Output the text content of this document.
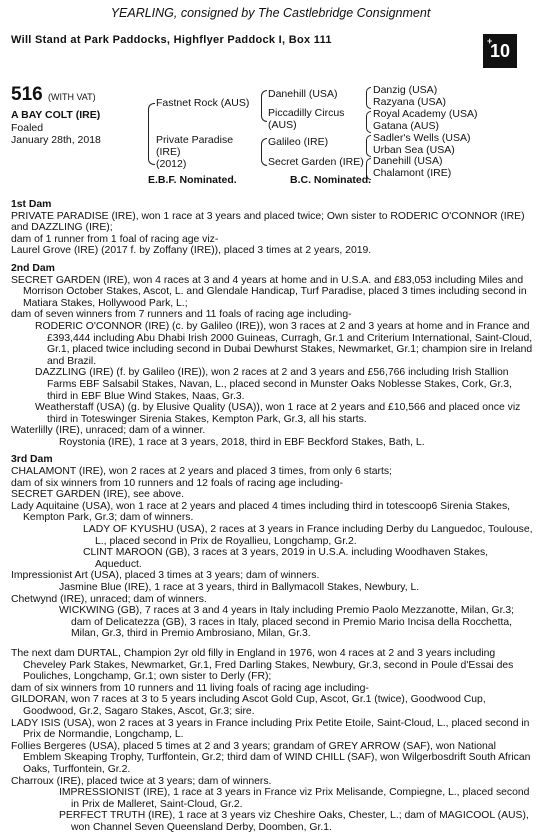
YEARLING, consigned by The Castlebridge Consignment
Will Stand at Park Paddocks, Highflyer Paddock I, Box 111	+
10
516 (WITH VAT)
A BAY COLT (IRE)
Foaled
January 28th, 2018
Fastnet Rock (AUS)
Private Paradise
(IRE)
(2012)
Danehill (USA)
Piccadilly Circus
(AUS)
Galileo (IRE)
Secret Garden (IRE)
Danzig (USA)
Razyana (USA)
Royal Academy (USA)
Gatana (AUS)
Sadler's Wells (USA)
Urban Sea (USA)
Danehill (USA)
Chalamont (IRE)
E.B.F. Nominated.	B.C. Nominated.

1st Dam

PRIVATE PARADISE (IRE), won 1 race at 3 years and placed twice; Own sister to RODERIC O'CONNOR (IRE) and DAZZLING (IRE);

dam of 1 runner from 1 foal of racing age viz-

Laurel Grove (IRE) (2017 f. by Zoffany (IRE)), placed 3 times at 2 years, 2019.

2nd Dam

SECRET GARDEN (IRE), won 4 races at 3 and 4 years at home and in U.S.A. and £83,053 including Miles and Morrison October Stakes, Ascot, L. and Glendale Handicap, Turf Paradise, placed 3 times including second in Matiara Stakes, Hollywood Park, L.;

dam of seven winners from 7 runners and 11 foals of racing age including-

RODERIC O'CONNOR (IRE) (c. by Galileo (IRE)), won 3 races at 2 and 3 years at home and in France and £393,444 including Abu Dhabi Irish 2000 Guineas, Curragh, Gr.1 and Criterium International, Saint-Cloud, Gr.1, placed twice including second in Dubai Dewhurst Stakes, Newmarket, Gr.1; champion sire in Ireland and Brazil.

DAZZLING (IRE) (f. by Galileo (IRE)), won 2 races at 2 and 3 years and £56,766 including Irish Stallion Farms EBF Salsabil Stakes, Navan, L., placed second in Munster Oaks Noblesse Stakes, Cork, Gr.3, third in EBF Blue Wind Stakes, Naas, Gr.3.

Weatherstaff (USA) (g. by Elusive Quality (USA)), won 1 race at 2 years and £10,566 and placed once viz third in Toteswinger Sirenia Stakes, Kempton Park, Gr.3, all his starts.

Waterlilly (IRE), unraced; dam of a winner.

Roystonia (IRE), 1 race at 3 years, 2018, third in EBF Beckford Stakes, Bath, L.

3rd Dam

CHALAMONT (IRE), won 2 races at 2 years and placed 3 times, from only 6 starts;

dam of six winners from 10 runners and 12 foals of racing age including-

SECRET GARDEN (IRE), see above.

Lady Aquitaine (USA), won 1 race at 2 years and placed 4 times including third in totescoop6 Sirenia Stakes, Kempton Park, Gr.3; dam of winners.

LADY OF KYUSHU (USA), 2 races at 3 years in France including Derby du Languedoc, Toulouse, L., placed second in Prix de Royallieu, Longchamp, Gr.2.

CLINT MAROON (GB), 3 races at 3 years, 2019 in U.S.A. including Woodhaven Stakes, Aqueduct.

Impressionist Art (USA), placed 3 times at 3 years; dam of winners.

Jasmine Blue (IRE), 1 race at 3 years, third in Ballymacoll Stakes, Newbury, L.

Chetwynd (IRE), unraced; dam of winners.

WICKWING (GB), 7 races at 3 and 4 years in Italy including Premio Paolo Mezzanotte, Milan, Gr.3; dam of Delicatezza (GB), 3 races in Italy, placed second in Premio Mario Incisa della Rocchetta, Milan, Gr.3, third in Premio Ambrosiano, Milan, Gr.3.

The next dam DURTAL, Champion 2yr old filly in England in 1976, won 4 races at 2 and 3 years including Cheveley Park Stakes, Newmarket, Gr.1, Fred Darling Stakes, Newbury, Gr.3, second in Poule d'Essai des Pouliches, Longchamp, Gr.1; own sister to Derly (FR);

dam of six winners from 10 runners and 11 living foals of racing age including-

GILDORAN, won 7 races at 3 to 5 years including Ascot Gold Cup, Ascot, Gr.1 (twice), Goodwood Cup, Goodwood, Gr.2, Sagaro Stakes, Ascot, Gr.3; sire.

LADY ISIS (USA), won 2 races at 3 years in France including Prix Petite Etoile, Saint-Cloud, L., placed second in Prix de Normandie, Longchamp, L.

Follies Bergeres (USA), placed 5 times at 2 and 3 years; grandam of GREY ARROW (SAF), won National Emblem Skeaping Trophy, Turffontein, Gr.2; third dam of WIND CHILL (SAF), won Wilgerbosdrift South African Oaks, Turffontein, Gr.2.

Charroux (IRE), placed twice at 3 years; dam of winners.

IMPRESSIONIST (IRE), 1 race at 3 years in France viz Prix Melisande, Compiegne, L., placed second in Prix de Malleret, Saint-Cloud, Gr.2.

PERFECT TRUTH (IRE), 1 race at 3 years viz Cheshire Oaks, Chester, L.; dam of MAGICOOL (AUS), won Channel Seven Queensland Derby, Doomben, Gr.1.
